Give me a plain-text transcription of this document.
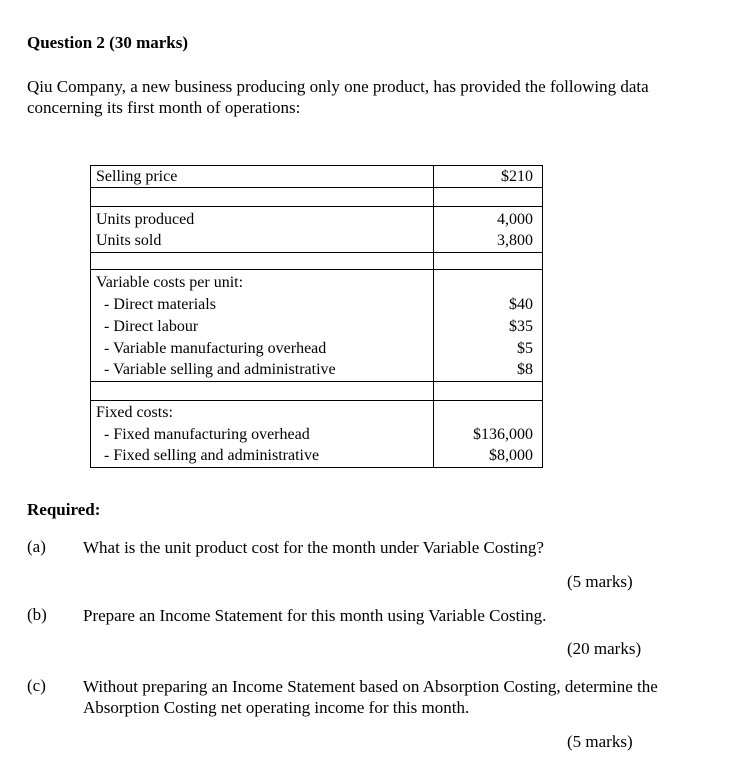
Question 2 (30 marks)
Qiu Company, a new business producing only one product, has provided the following data concerning its first month of operations:
Selling price	$210
Units produced	4,000
Units sold	3,800
Variable costs per unit:
- Direct materials	$40
- Direct labour	$35
- Variable manufacturing overhead	$5
- Variable selling and administrative	$8
Fixed costs:
- Fixed manufacturing overhead	$136,000
- Fixed selling and administrative	$8,000
Required:
(a) What is the unit product cost for the month under Variable Costing?
(5 marks)
(b) Prepare an Income Statement for this month using Variable Costing.
(20 marks)
(c) Without preparing an Income Statement based on Absorption Costing, determine the Absorption Costing net operating income for this month.
(5 marks)
